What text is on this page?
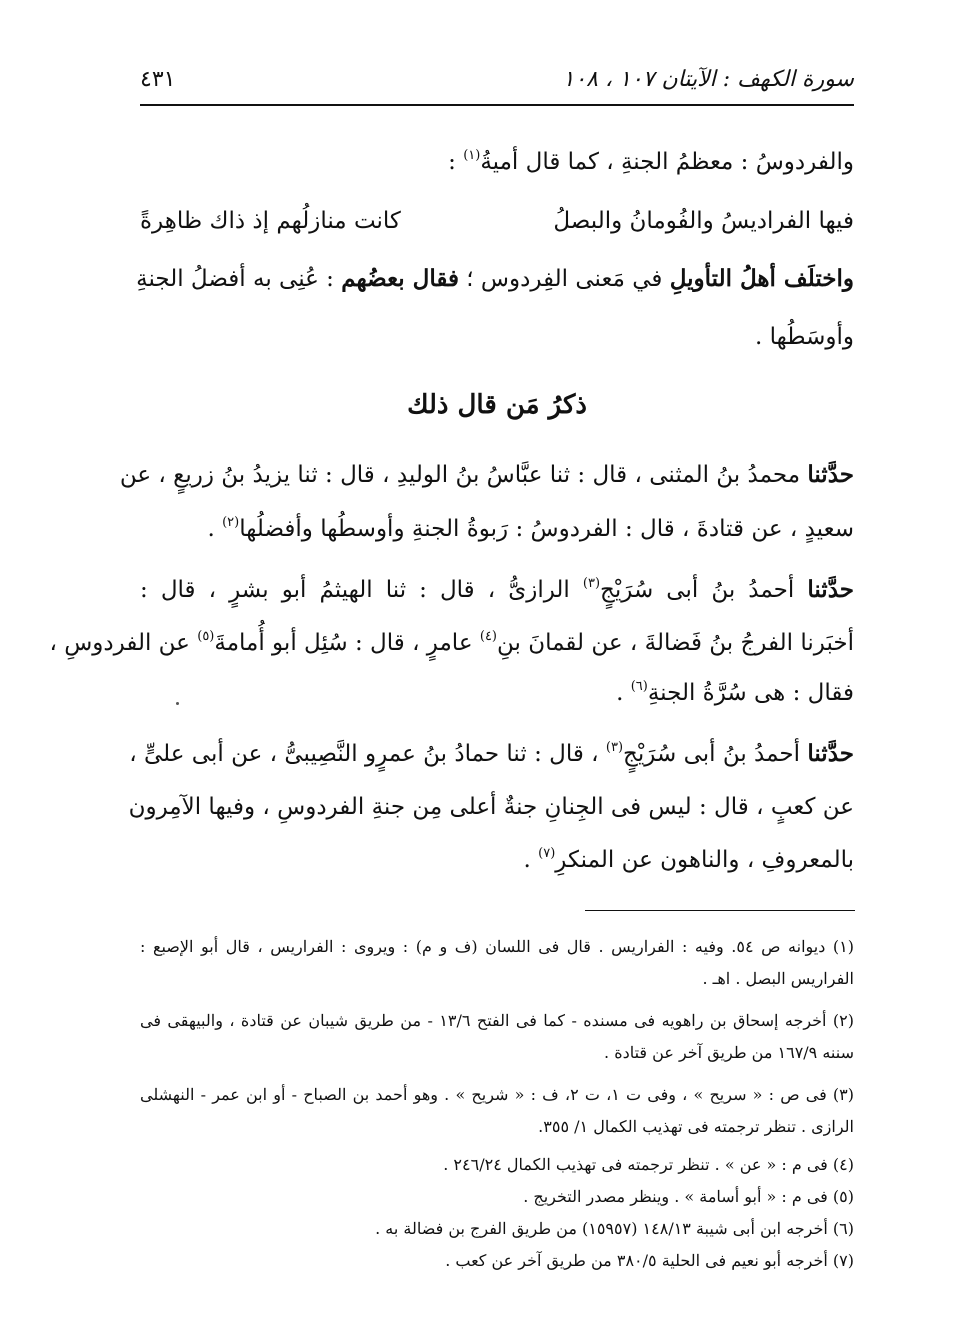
سورة الكهف : الآيتان ١٠٧ ، ١٠٨
٤٣١
والفردوسُ : معظمُ الجنةِ ، كما قال أميةُ$^{(١)}$ :
فيها الفراديسُ والفُومانُ والبصلُ
كانت منازلُهم إذ ذاك ظاهِرةً
واختلَف أهلُ التأويلِ في مَعنى الفِردوس ؛ فقال بعضُهم : عُنِى به أفضلُ الجنةِ
وأوسَطُها .
ذكرُ مَن قال ذلك
حدَّثنا محمدُ بنُ المثنى ، قال : ثنا عبَّاسُ بنُ الوليدِ ، قال : ثنا يزيدُ بنُ زريعٍ ، عن
سعيدٍ ، عن قتادةَ ، قال : الفردوسُ : رَبوةُ الجنةِ وأوسطُها وأفضلُها$^{(٢)}$ .
حدَّثنا أحمدُ بنُ أبى سُرَيْجٍ$^{(٣)}$ الرازىُّ ، قال : ثنا الهيثمُ أبو بشرٍ ، قال :
أخبَرنا الفرجُ بنُ فَضالةَ ، عن لقمانَ بنِ$^{(٤)}$ عامرٍ ، قال : سُئِل أبو أُمامةَ$^{(٥)}$ عن الفردوسِ ،
فقال : هى سُرَّةُ الجنةِ$^{(٦)}$ .
حدَّثنا أحمدُ بنُ أبى سُرَيْجٍ$^{(٣)}$ ، قال : ثنا حمادُ بنُ عمرٍو النَّصِيبىُّ ، عن أبى علىٍّ ،
عن كعبٍ ، قال : ليس فى الجِنانِ جنةٌ أعلى مِن جنةِ الفردوسِ ، وفيها الآمِرون
بالمعروفِ ، والناهون عن المنكرِ$^{(٧)}$ .
(١) ديوانه ص ٥٤. وفيه : الفراريس . قال فى اللسان (ف و م) : ويروى : الفراريس ، قال أبو الإصبع :
الفراريس البصل . اهـ .
(٢) أخرجه إسحاق بن راهويه فى مسنده - كما فى الفتح ١٣/٦ - من طريق شيبان عن قتادة ، والبيهقى فى
سننه ١٦٧/٩ من طريق آخر عن قتادة .
(٣) فى ص : « سريح » ، وفى ت ١، ت ٢، ف : « شريح » . وهو أحمد بن الصباح - أو ابن عمر - النهشلى
الرازى . تنظر ترجمته فى تهذيب الكمال ١/ ٣٥٥.
(٤) فى م : « عن » . تنظر ترجمته فى تهذيب الكمال ٢٤٦/٢٤ .
(٥) فى م : « أبو أسامة » . وينظر مصدر التخريج .
(٦) أخرجه ابن أبى شيبة ١٤٨/١٣ (١٥٩٥٧) من طريق الفرج بن فضالة به .
(٧) أخرجه أبو نعيم فى الحلية ٣٨٠/٥ من طريق آخر عن كعب .
